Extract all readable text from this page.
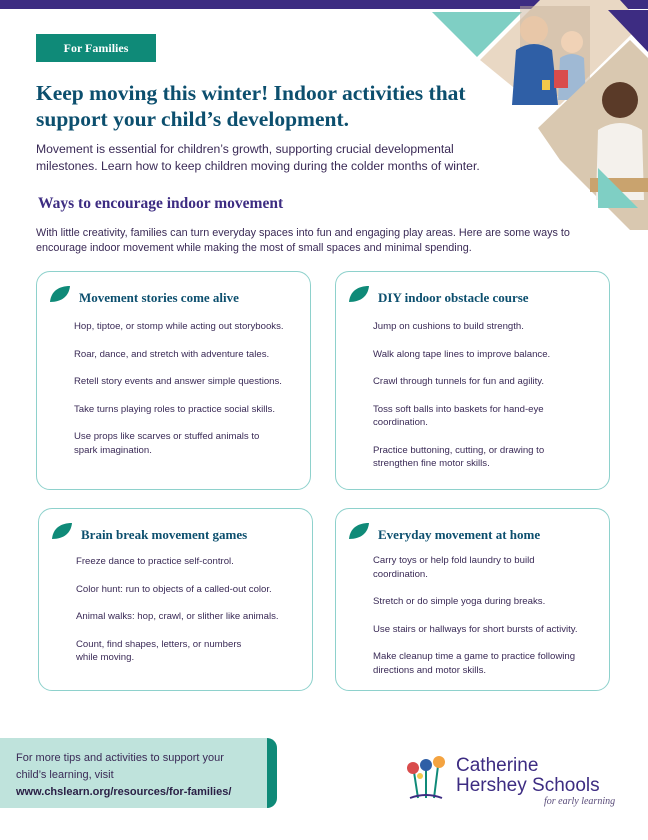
For Families
Keep moving this winter! Indoor activities that support your child’s development.
Movement is essential for children’s growth, supporting crucial developmental milestones. Learn how to keep children moving during the colder months of winter.
Ways to encourage indoor movement
With little creativity, families can turn everyday spaces into fun and engaging play areas. Here are some ways to encourage indoor movement while making the most of small spaces and minimal spending.
Movement stories come alive
Hop, tiptoe, or stomp while acting out storybooks.
Roar, dance, and stretch with adventure tales.
Retell story events and answer simple questions.
Take turns playing roles to practice social skills.
Use props like scarves or stuffed animals to spark imagination.
DIY indoor obstacle course
Jump on cushions to build strength.
Walk along tape lines to improve balance.
Crawl through tunnels for fun and agility.
Toss soft balls into baskets for hand-eye coordination.
Practice buttoning, cutting, or drawing to strengthen fine motor skills.
Brain break movement games
Freeze dance to practice self-control.
Color hunt: run to objects of a called-out color.
Animal walks: hop, crawl, or slither like animals.
Count, find shapes, letters, or numbers while moving.
Everyday movement at home
Carry toys or help fold laundry to build coordination.
Stretch or do simple yoga during breaks.
Use stairs or hallways for short bursts of activity.
Make cleanup time a game to practice following directions and motor skills.
For more tips and activities to support your
child’s learning, visit
www.chslearn.org/resources/for-families/
Catherine
Hershey Schools
for early learning
